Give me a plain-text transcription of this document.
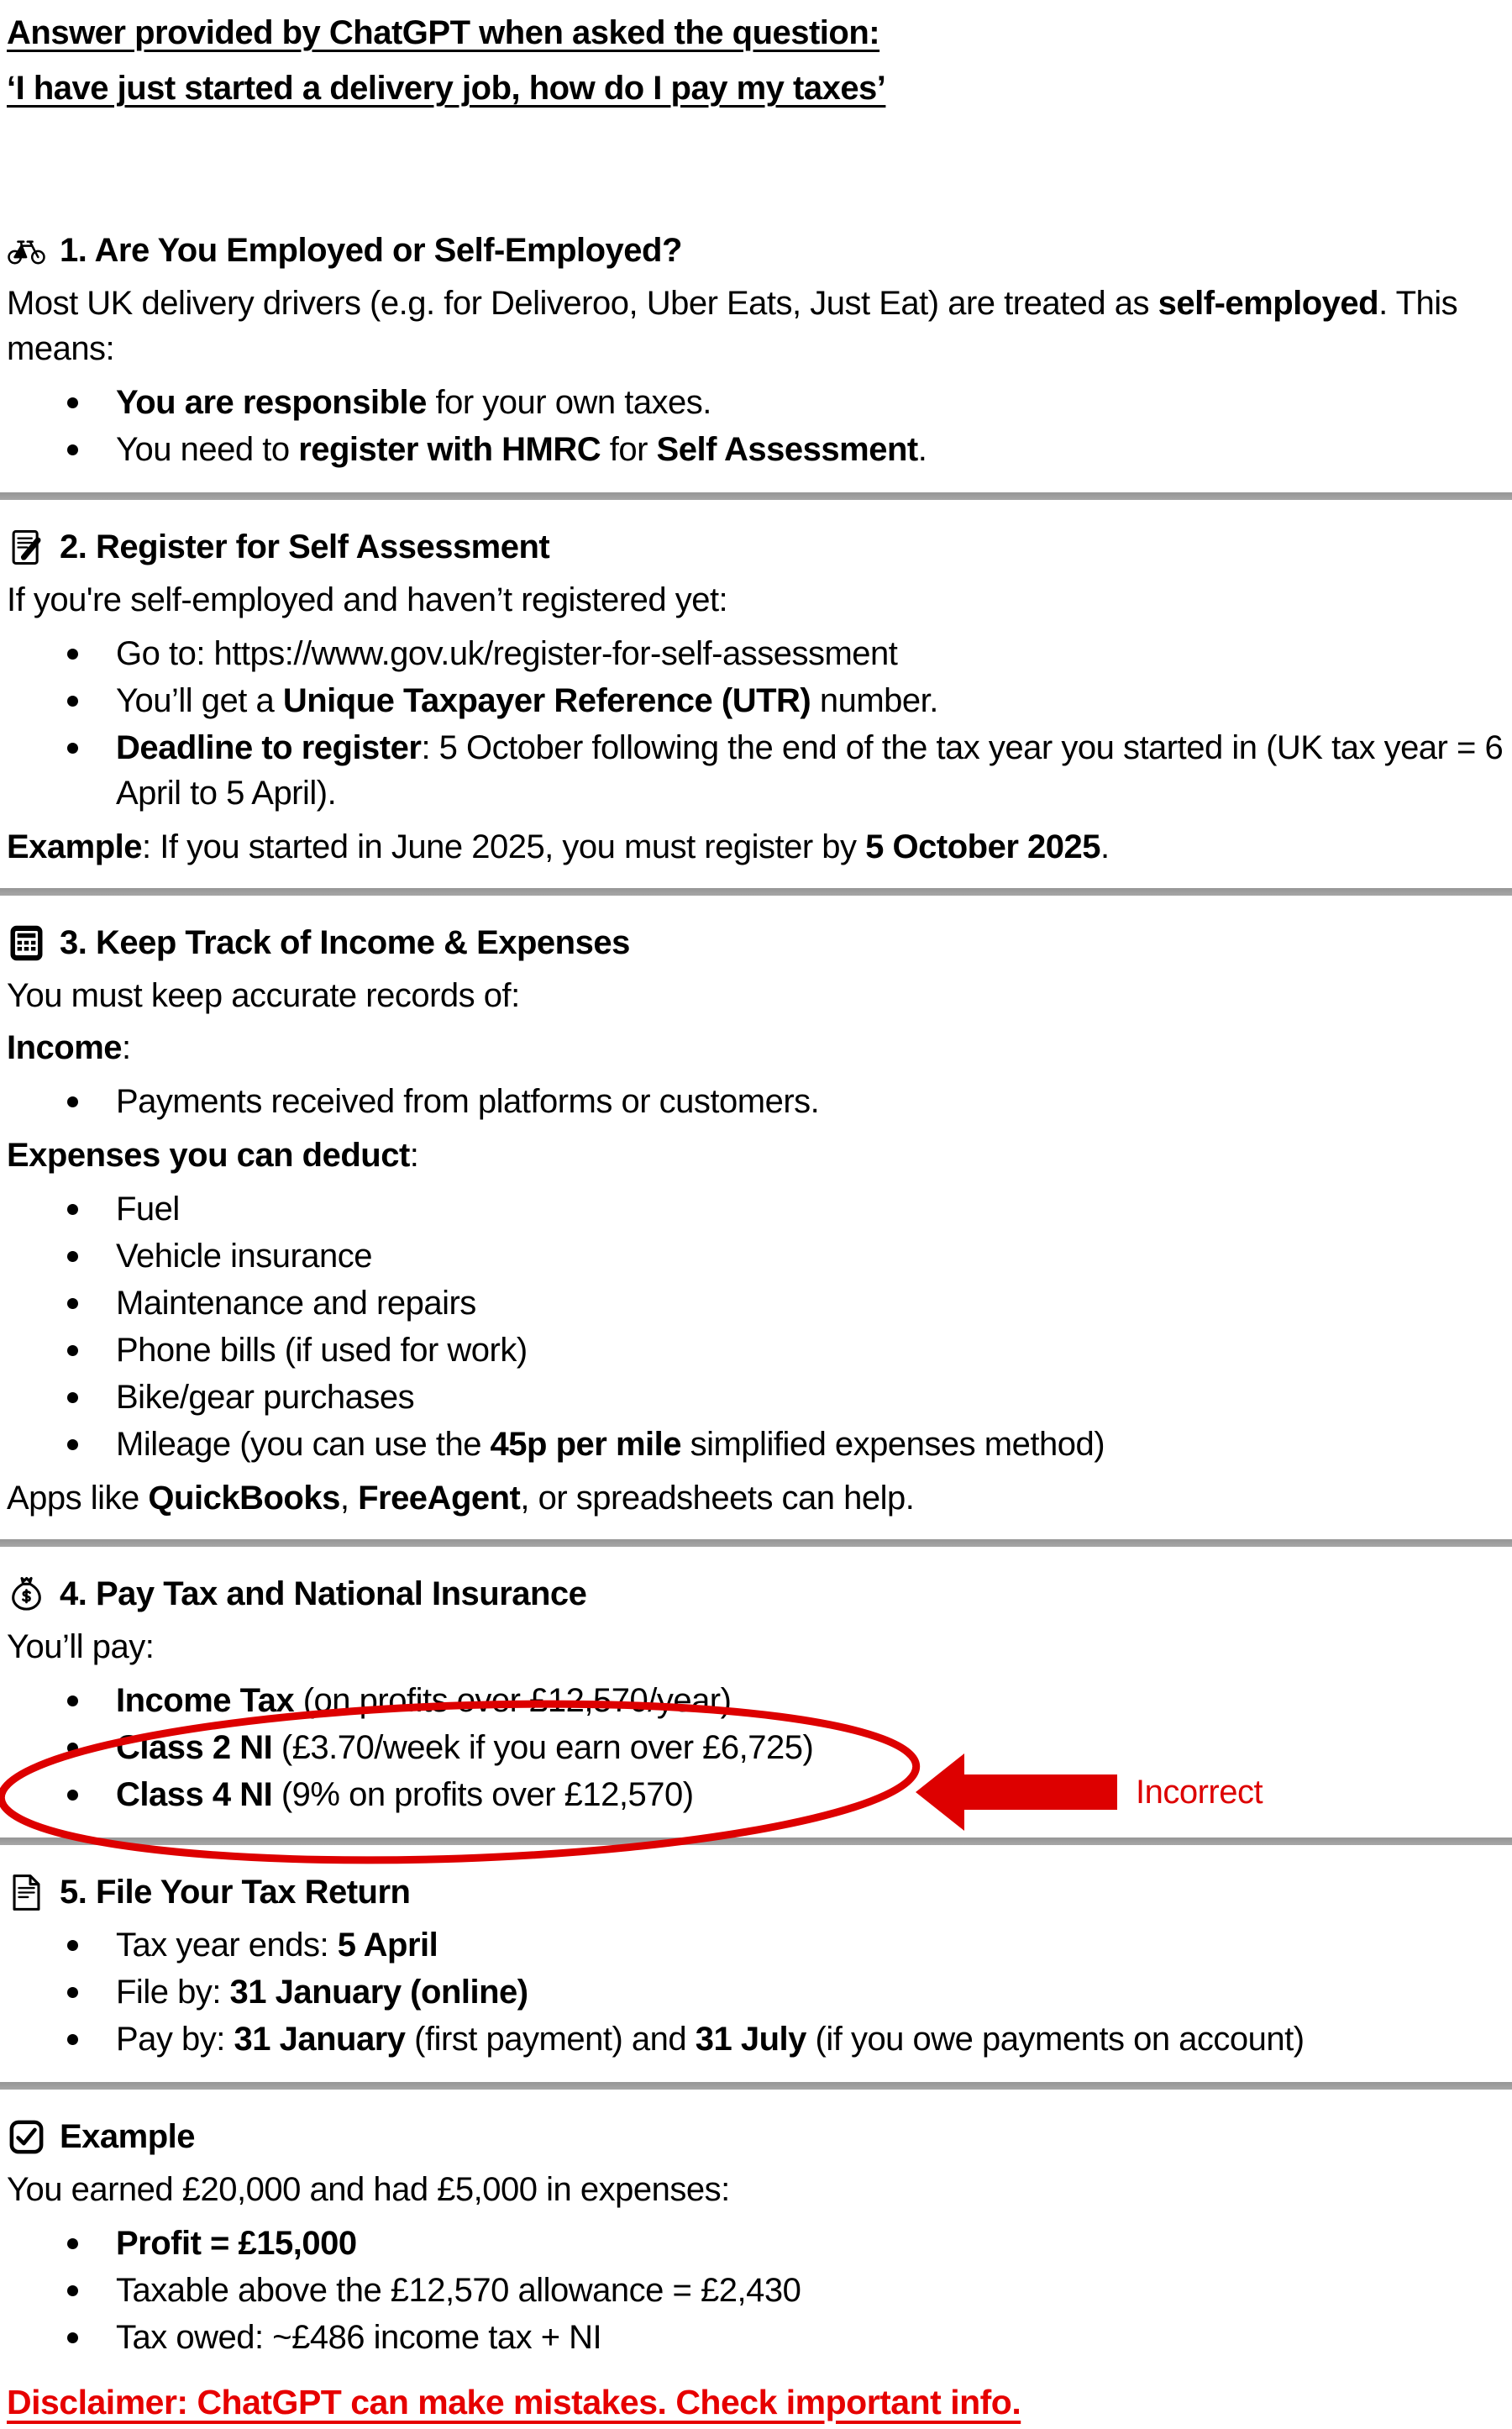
Answer provided by ChatGPT when asked the question:
‘I have just started a delivery job, how do I pay my taxes’
1. Are You Employed or Self-Employed?

Most UK delivery drivers (e.g. for Deliveroo, Uber Eats, Just Eat) are treated as self-employed. This means:

You are responsible for your own taxes.
You need to register with HMRC for Self Assessment.
2. Register for Self Assessment

If you're self-employed and haven’t registered yet:

Go to: https://www.gov.uk/register-for-self-assessment
You’ll get a Unique Taxpayer Reference (UTR) number.
Deadline to register: 5 October following the end of the tax year you started in (UK tax year = 6 April to 5 April).

Example: If you started in June 2025, you must register by 5 October 2025.

3. Keep Track of Income & Expenses

You must keep accurate records of:

Income:

Payments received from platforms or customers.

Expenses you can deduct:

Fuel
Vehicle insurance
Maintenance and repairs
Phone bills (if used for work)
Bike/gear purchases
Mileage (you can use the 45p per mile simplified expenses method)

Apps like QuickBooks, FreeAgent, or spreadsheets can help.

4. Pay Tax and National Insurance

You’ll pay:

Income Tax (on profits over £12,570/year)
Class 2 NI (£3.70/week if you earn over £6,725)
Class 4 NI (9% on profits over £12,570)	Incorrect
5. File Your Tax Return
Tax year ends: 5 April
File by: 31 January (online)
Pay by: 31 January (first payment) and 31 July (if you owe payments on account)
Example

You earned £20,000 and had £5,000 in expenses:

Profit = £15,000
Taxable above the £12,570 allowance = £2,430
Tax owed: ~£486 income tax + NI
Disclaimer: ChatGPT can make mistakes. Check important info.
